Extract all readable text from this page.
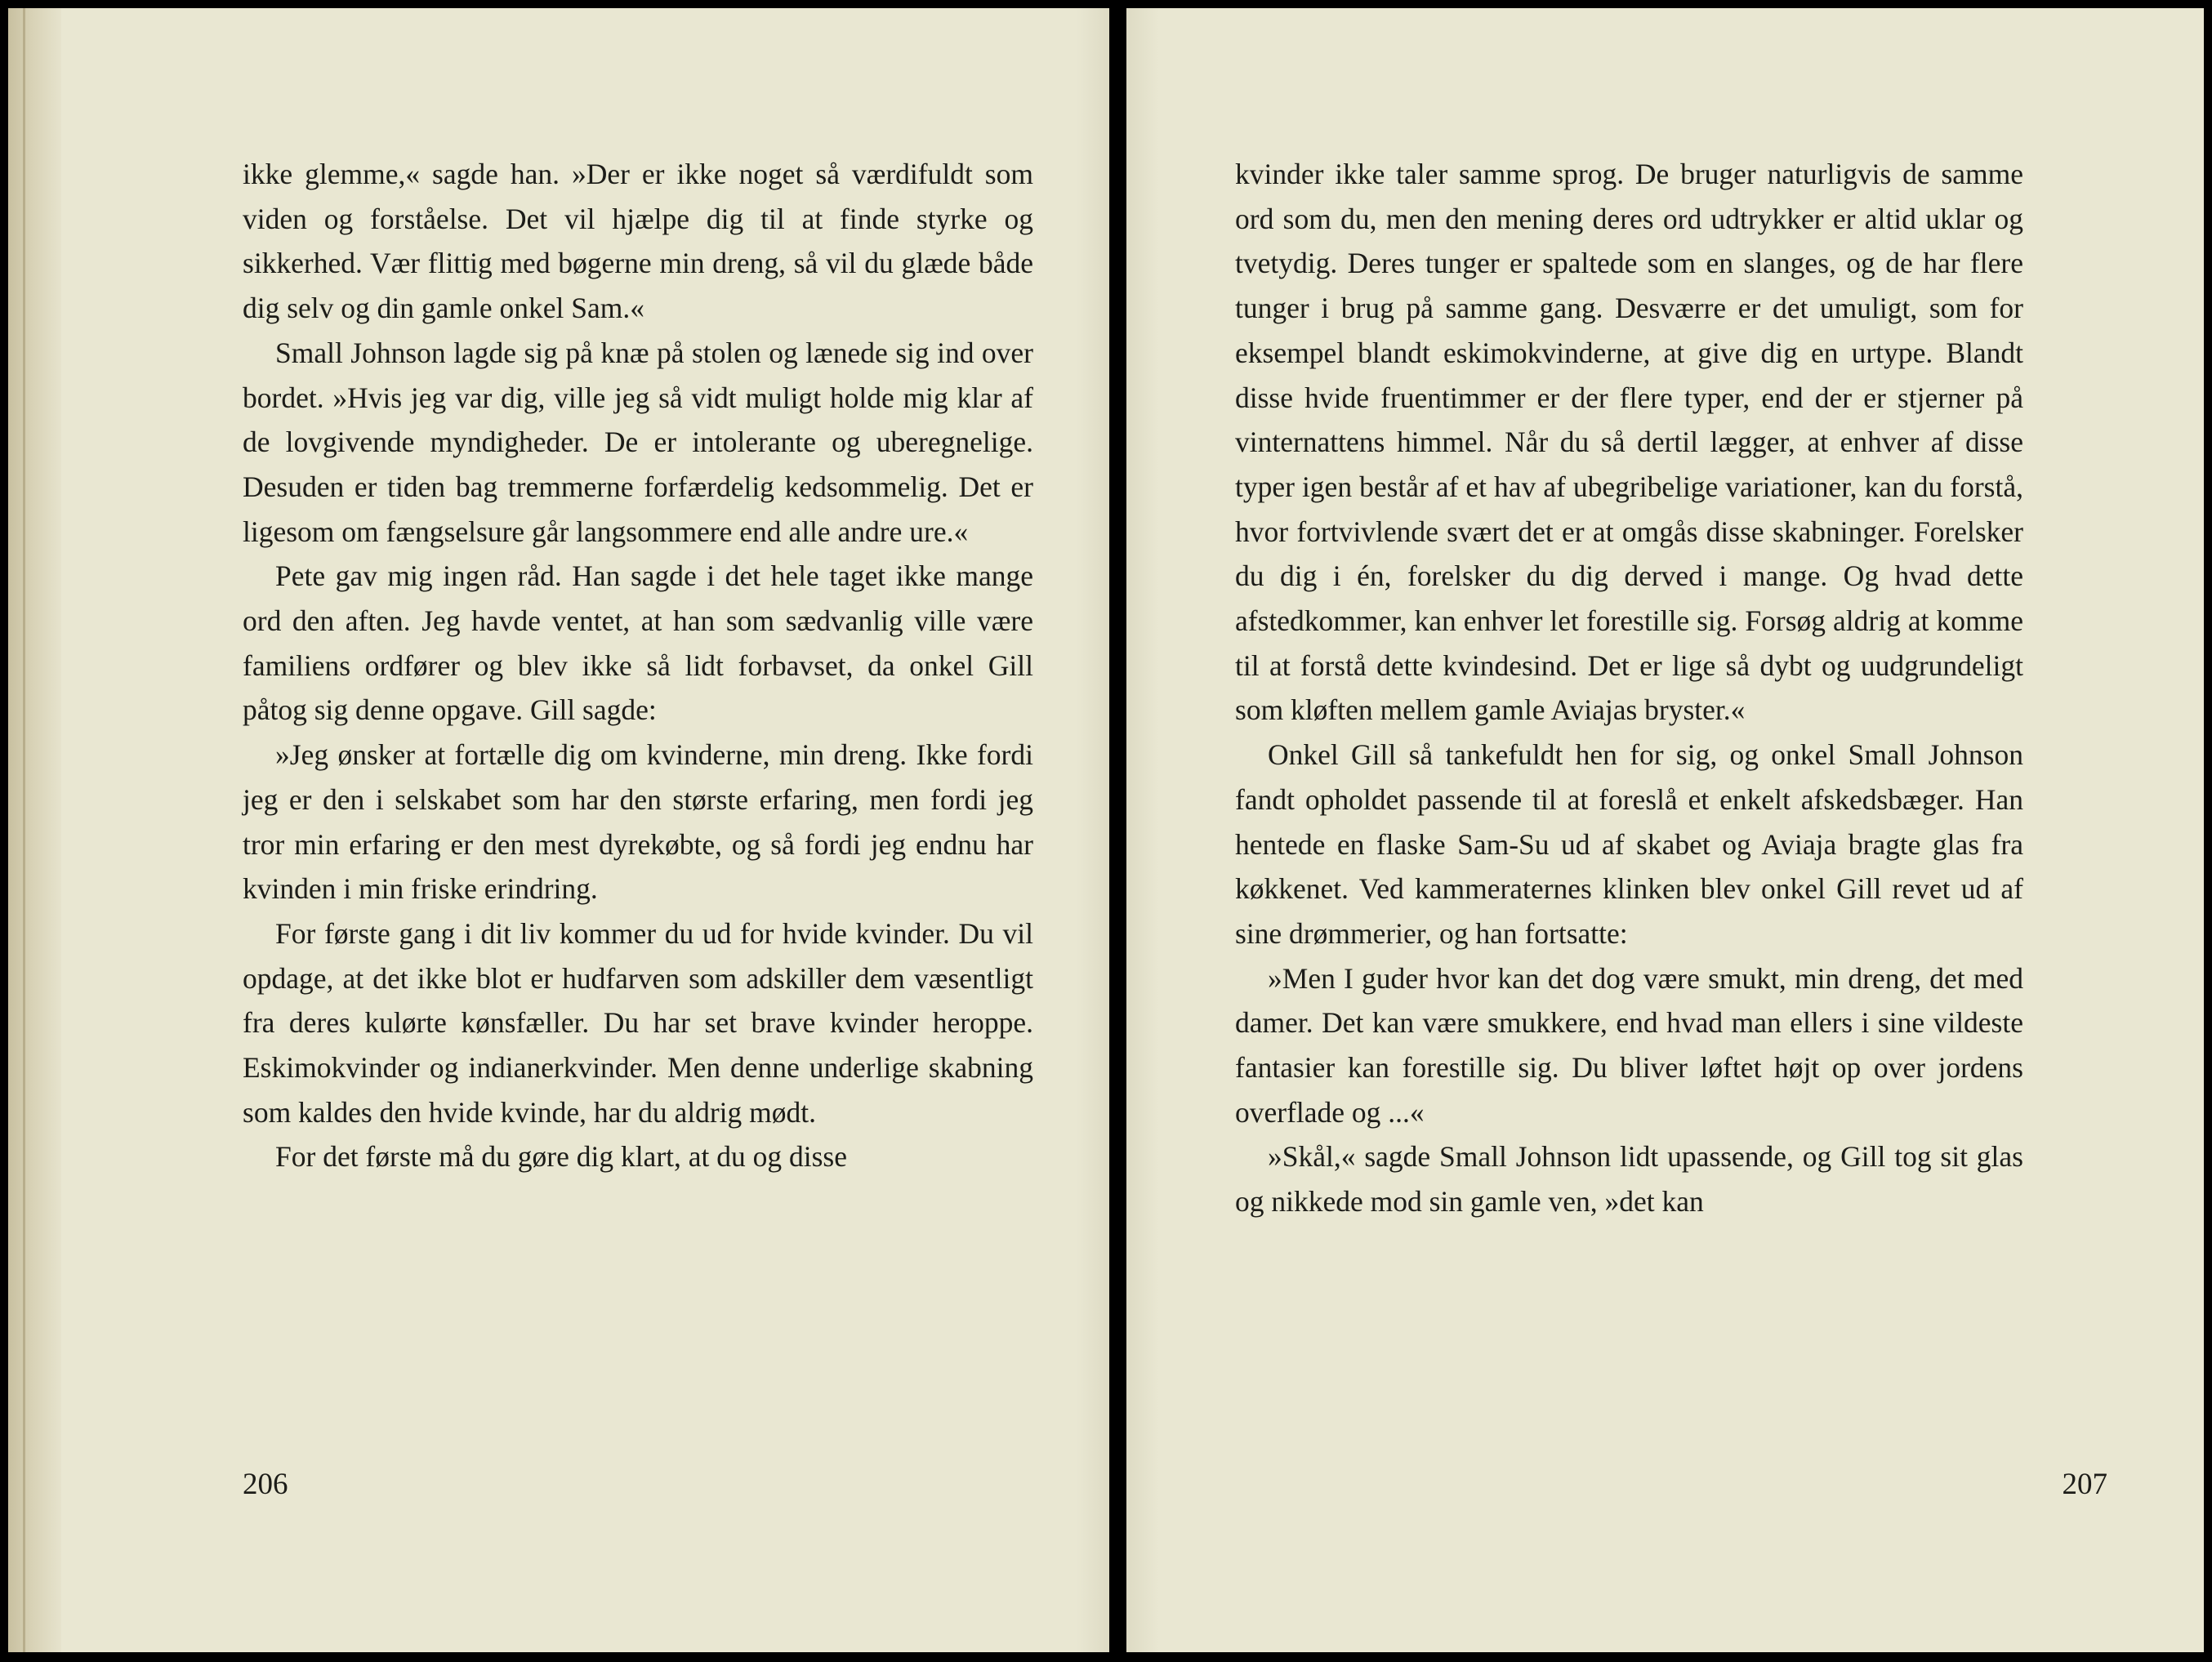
ikke glemme,« sagde han. »Der er ikke noget så værdifuldt som viden og forståelse. Det vil hjælpe dig til at finde styrke og sikkerhed. Vær flittig med bøgerne min dreng, så vil du glæde både dig selv og din gamle onkel Sam.«

Small Johnson lagde sig på knæ på stolen og lænede sig ind over bordet. »Hvis jeg var dig, ville jeg så vidt muligt holde mig klar af de lovgivende myndigheder. De er intolerante og uberegnelige. Desuden er tiden bag tremmerne forfærdelig kedsommelig. Det er ligesom om fængselsure går langsommere end alle andre ure.«

Pete gav mig ingen råd. Han sagde i det hele taget ikke mange ord den aften. Jeg havde ventet, at han som sædvanlig ville være familiens ordfører og blev ikke så lidt forbavset, da onkel Gill påtog sig denne opgave. Gill sagde:

»Jeg ønsker at fortælle dig om kvinderne, min dreng. Ikke fordi jeg er den i selskabet som har den største erfaring, men fordi jeg tror min erfaring er den mest dyrekøbte, og så fordi jeg endnu har kvinden i min friske erindring.

For første gang i dit liv kommer du ud for hvide kvinder. Du vil opdage, at det ikke blot er hudfarven som adskiller dem væsentligt fra deres kulørte kønsfæller. Du har set brave kvinder heroppe. Eskimokvinder og indianerkvinder. Men denne underlige skabning som kaldes den hvide kvinde, har du aldrig mødt.

For det første må du gøre dig klart, at du og disse

206

kvinder ikke taler samme sprog. De bruger naturligvis de samme ord som du, men den mening deres ord udtrykker er altid uklar og tvetydig. Deres tunger er spaltede som en slanges, og de har flere tunger i brug på samme gang. Desværre er det umuligt, som for eksempel blandt eskimokvinderne, at give dig en urtype. Blandt disse hvide fruentimmer er der flere typer, end der er stjerner på vinternattens himmel. Når du så dertil lægger, at enhver af disse typer igen består af et hav af ubegribelige variationer, kan du forstå, hvor fortvivlende svært det er at omgås disse skabninger. Forelsker du dig i én, forelsker du dig derved i mange. Og hvad dette afstedkommer, kan enhver let forestille sig. Forsøg aldrig at komme til at forstå dette kvindesind. Det er lige så dybt og uudgrundeligt som kløften mellem gamle Aviajas bryster.«

Onkel Gill så tankefuldt hen for sig, og onkel Small Johnson fandt opholdet passende til at foreslå et enkelt afskedsbæger. Han hentede en flaske Sam-Su ud af skabet og Aviaja bragte glas fra køkkenet. Ved kammeraternes klinken blev onkel Gill revet ud af sine drømmerier, og han fortsatte:

»Men I guder hvor kan det dog være smukt, min dreng, det med damer. Det kan være smukkere, end hvad man ellers i sine vildeste fantasier kan forestille sig. Du bliver løftet højt op over jordens overflade og ...«

»Skål,« sagde Small Johnson lidt upassende, og Gill tog sit glas og nikkede mod sin gamle ven, »det kan

207
